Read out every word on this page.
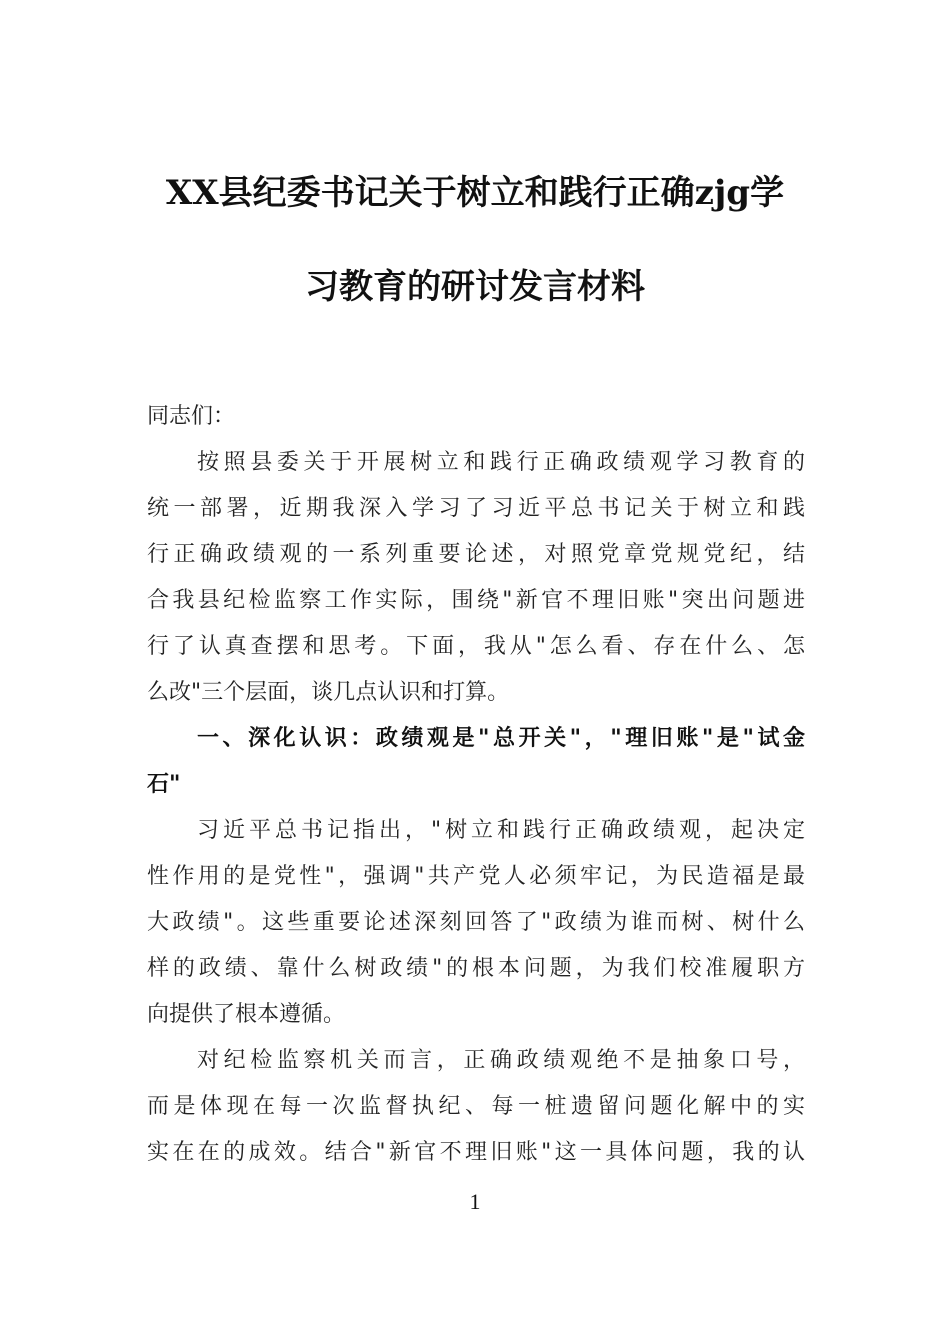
XX县纪委书记关于树立和践行正确zjg学
习教育的研讨发言材料
同志们：
按照县委关于开展树立和践行正确政绩观学习教育的
统一部署，近期我深入学习了习近平总书记关于树立和践
行正确政绩观的一系列重要论述，对照党章党规党纪，结
合我县纪检监察工作实际，围绕"新官不理旧账"突出问题进
行了认真查摆和思考。下面，我从"怎么看、存在什么、怎
么改"三个层面，谈几点认识和打算。
一、深化认识：政绩观是"总开关"，"理旧账"是"试金
石"
习近平总书记指出，"树立和践行正确政绩观，起决定
性作用的是党性"，强调"共产党人必须牢记，为民造福是最
大政绩"。这些重要论述深刻回答了"政绩为谁而树、树什么
样的政绩、靠什么树政绩"的根本问题，为我们校准履职方
向提供了根本遵循。
对纪检监察机关而言，正确政绩观绝不是抽象口号，
而是体现在每一次监督执纪、每一桩遗留问题化解中的实
实在在的成效。结合"新官不理旧账"这一具体问题，我的认
1
